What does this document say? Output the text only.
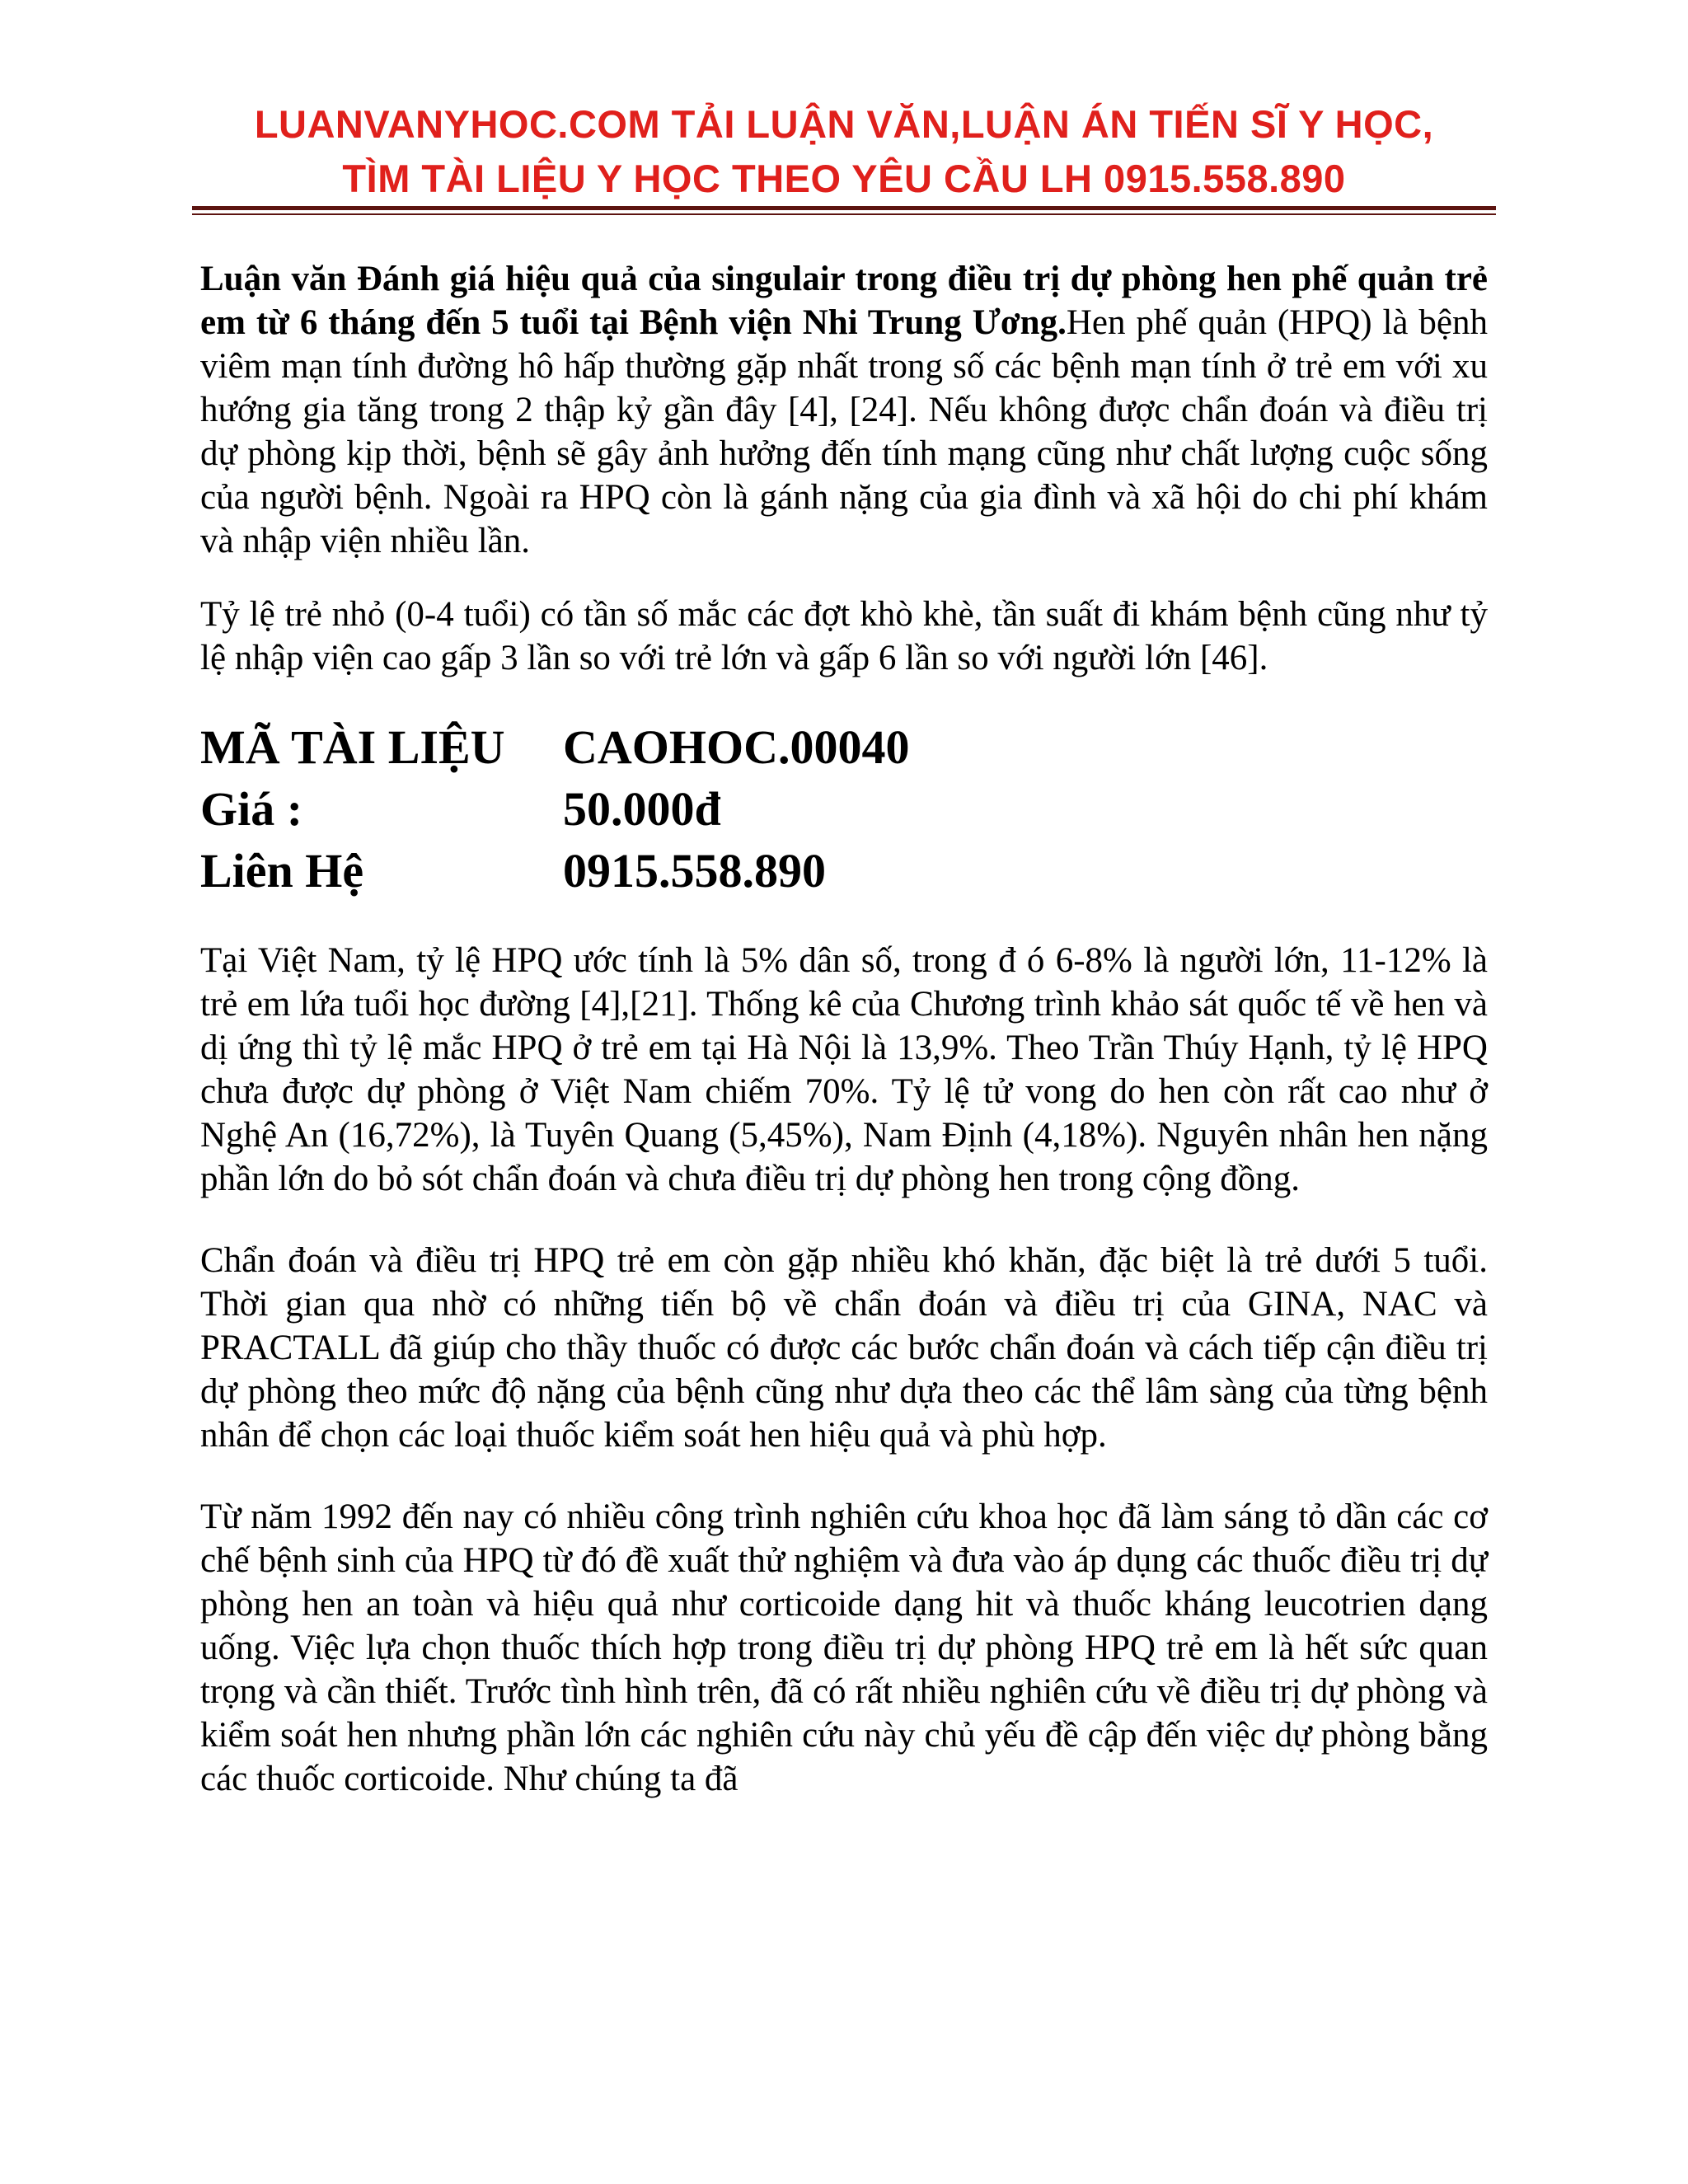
LUANVANYHOC.COM TẢI LUẬN VĂN,LUẬN ÁN TIẾN SĨ Y HỌC,
TÌM TÀI LIỆU Y HỌC THEO YÊU CẦU LH 0915.558.890

Luận văn Đánh giá hiệu quả của singulair trong điều trị dự phòng hen phế quản trẻ em từ 6 tháng đến 5 tuổi tại Bệnh viện Nhi Trung Ương.Hen phế quản (HPQ) là bệnh viêm mạn tính đường hô hấp thường gặp nhất trong số các bệnh mạn tính ở trẻ em với xu hướng gia tăng trong 2 thập kỷ gần đây [4], [24]. Nếu không được chẩn đoán và điều trị dự phòng kịp thời, bệnh sẽ gây ảnh hưởng đến tính mạng cũng như chất lượng cuộc sống của người bệnh. Ngoài ra HPQ còn là gánh nặng của gia đình và xã hội do chi phí khám và nhập viện nhiều lần.

Tỷ lệ trẻ nhỏ (0-4 tuổi) có tần số mắc các đợt khò khè, tần suất đi khám bệnh cũng như tỷ lệ nhập viện cao gấp 3 lần so với trẻ lớn và gấp 6 lần so với người lớn [46].

MÃ TÀI LIỆU	CAOHOC.00040
Giá :	50.000đ
Liên Hệ	0915.558.890

Tại Việt Nam, tỷ lệ HPQ ước tính là 5% dân số, trong đ ó 6-8% là người lớn, 11-12% là trẻ em lứa tuổi học đường [4],[21]. Thống kê của Chương trình khảo sát quốc tế về hen và dị ứng thì tỷ lệ mắc HPQ ở trẻ em tại Hà Nội là 13,9%. Theo Trần Thúy Hạnh, tỷ lệ HPQ chưa được dự phòng ở Việt Nam chiếm 70%. Tỷ lệ tử vong do hen còn rất cao như ở Nghệ An (16,72%), là Tuyên Quang (5,45%), Nam Định (4,18%). Nguyên nhân hen nặng phần lớn do bỏ sót chẩn đoán và chưa điều trị dự phòng hen trong cộng đồng.

Chẩn đoán và điều trị HPQ trẻ em còn gặp nhiều khó khăn, đặc biệt là trẻ dưới 5 tuổi. Thời gian qua nhờ có những tiến bộ về chẩn đoán và điều trị của GINA, NAC và PRACTALL đã giúp cho thầy thuốc có được các bước chẩn đoán và cách tiếp cận điều trị dự phòng theo mức độ nặng của bệnh cũng như dựa theo các thể lâm sàng của từng bệnh nhân để chọn các loại thuốc kiểm soát hen hiệu quả và phù hợp.

Từ năm 1992 đến nay có nhiều công trình nghiên cứu khoa học đã làm sáng tỏ dần các cơ chế bệnh sinh của HPQ từ đó đề xuất thử nghiệm và đưa vào áp dụng các thuốc điều trị dự phòng hen an toàn và hiệu quả như corticoide dạng hit và thuốc kháng leucotrien dạng uống. Việc lựa chọn thuốc thích hợp trong điều trị dự phòng HPQ trẻ em là hết sức quan trọng và cần thiết. Trước tình hình trên, đã có rất nhiều nghiên cứu về điều trị dự phòng và kiểm soát hen nhưng phần lớn các nghiên cứu này chủ yếu đề cập đến việc dự phòng bằng các thuốc corticoide. Như chúng ta đã
